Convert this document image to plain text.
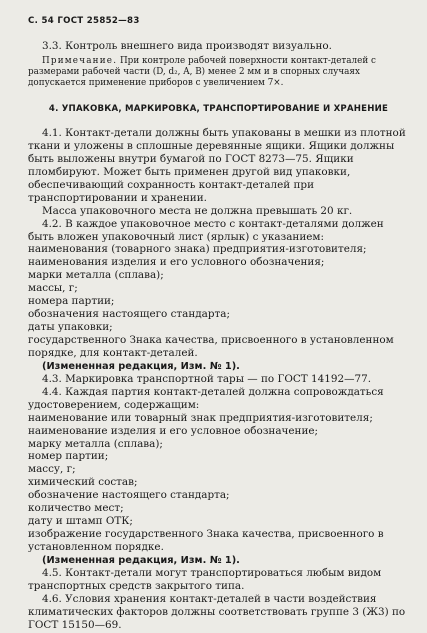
С. 54 ГОСТ 25852—83

3.3. Контроль внешнего вида производят визуально.

Примечание. При контроле рабочей поверхности контакт-деталей с размерами рабочей части (D, d₂, A, B) менее 2 мм и в спорных случаях допускается применение приборов с увеличением 7×.

4. УПАКОВКА, МАРКИРОВКА, ТРАНСПОРТИРОВАНИЕ И ХРАНЕНИЕ

4.1. Контакт-детали должны быть упакованы в мешки из плотной ткани и уложены в сплошные деревянные ящики. Ящики должны быть выложены внутри бумагой по ГОСТ 8273—75. Ящики пломбируют. Может быть применен другой вид упаковки, обеспечивающий сохранность контакт-деталей при транспортировании и хранении.

Масса упаковочного места не должна превышать 20 кг.

4.2. В каждое упаковочное место с контакт-деталями должен быть вложен упаковочный лист (ярлык) с указанием:

наименования (товарного знака) предприятия-изготовителя;
наименования изделия и его условного обозначения;
марки металла (сплава);
массы, г;
номера партии;
обозначения настоящего стандарта;
даты упаковки;

государственного Знака качества, присвоенного в установленном порядке, для контакт-деталей.

(Измененная редакция, Изм. № 1).

4.3. Маркировка транспортной тары — по ГОСТ 14192—77.

4.4. Каждая партия контакт-деталей должна сопровождаться удостоверением, содержащим:

наименование или товарный знак предприятия-изготовителя;
наименование изделия и его условное обозначение;
марку металла (сплава);
номер партии;
массу, г;
химический состав;
обозначение настоящего стандарта;
количество мест;
дату и штамп ОТК;

изображение государственного Знака качества, присвоенного в установленном порядке.

(Измененная редакция, Изм. № 1).

4.5. Контакт-детали могут транспортироваться любым видом транспортных средств закрытого типа.

4.6. Условия хранения контакт-деталей в части воздействия климатических факторов должны соответствовать группе 3 (Ж3) по ГОСТ 15150—69.
